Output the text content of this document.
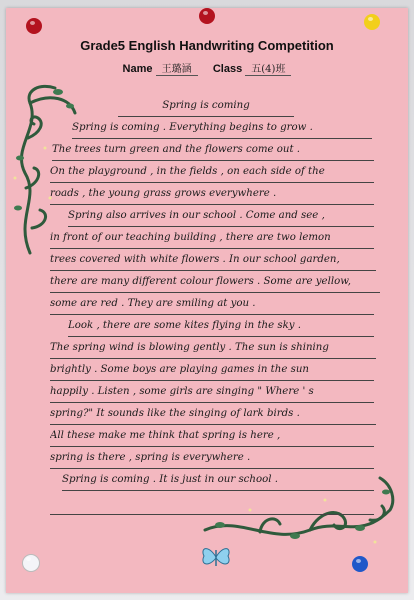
Grade5 English Handwriting Competition
Name 王璐涵 Class 五(4)班
Spring is coming
Spring is coming . Everything begins to grow .
The trees turn green and the flowers come out .
On the playground , in the fields , on each side of the
roads , the young grass grows everywhere .
Spring also arrives in our school . Come and see ,
in front of our teaching building , there are two lemon
trees covered with white flowers . In our school garden,
there are many different colour flowers . Some are yellow,
some are red . They are smiling at you .
Look , there are some kites flying in the sky .
The spring wind is blowing gently . The sun is shining
brightly . Some boys are playing games in the sun
happily . Listen , some girls are singing " Where ' s
spring?" It sounds like the singing of lark birds .
All these make me think that spring is here ,
spring is there , spring is everywhere .
Spring is coming . It is just in our school .
